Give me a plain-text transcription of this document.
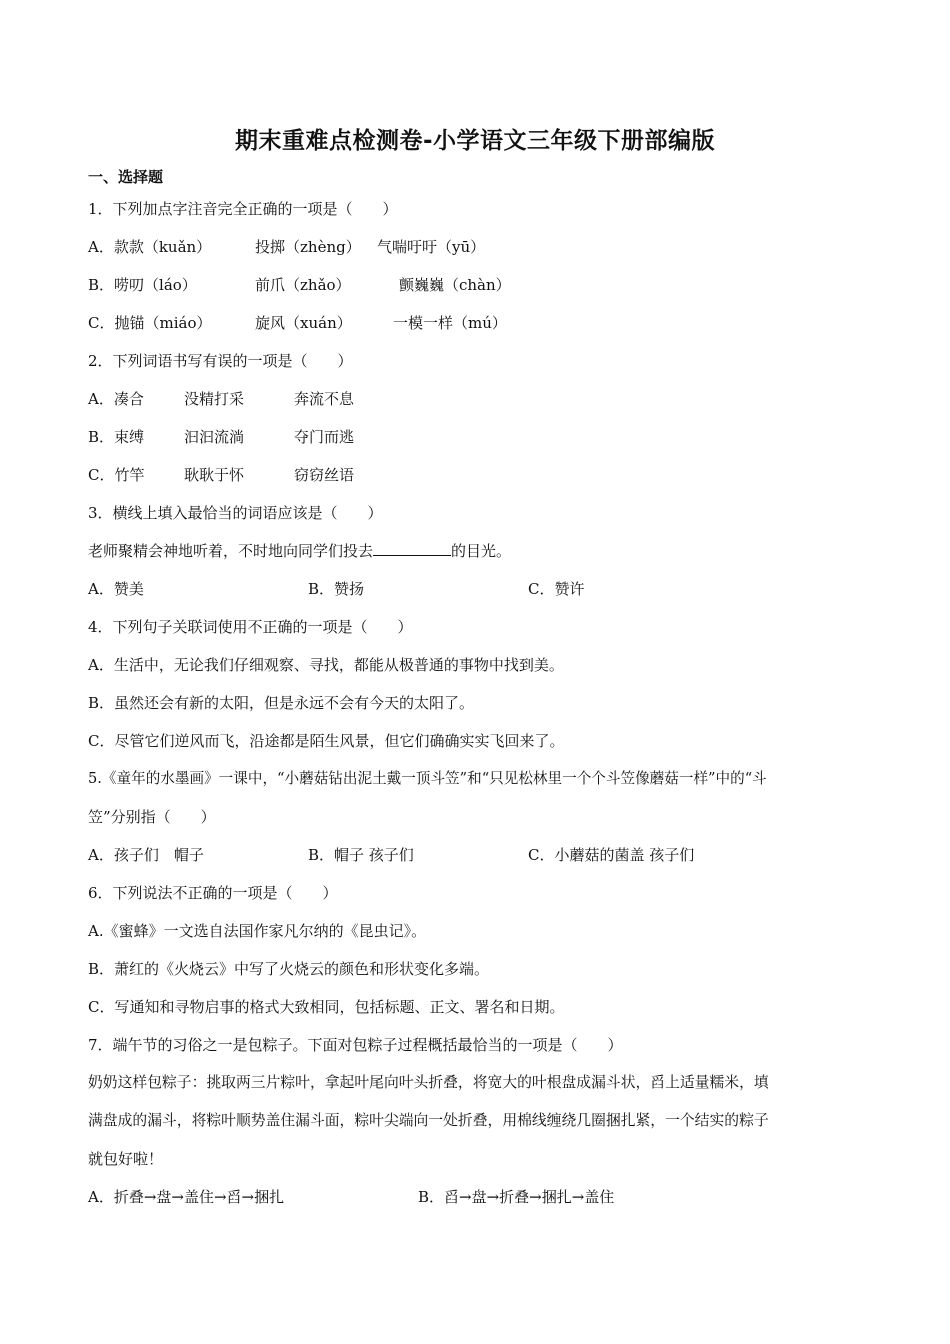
期末重难点检测卷-小学语文三年级下册部编版
一、选择题
1．下列加点字注音完全正确的一项是（　　）
A．款款（kuǎn）	投掷（zhèng） 气喘吁吁（yū）
B．唠叨（láo）	前爪（zhǎo）	颤巍巍（chàn）
C．抛锚（miáo）	旋风（xuán）	一模一样（mú）
2．下列词语书写有误的一项是（　　）
A．凑合	没精打采	奔流不息
B．束缚	汩汩流淌	夺门而逃
C．竹竿	耿耿于怀	窃窃丝语
3．横线上填入最恰当的词语应该是（　　）
老师聚精会神地听着，不时地向同学们投去	的目光。
A．赞美	B．赞扬	C．赞许
4．下列句子关联词使用不正确的一项是（　　）
A．生活中，无论我们仔细观察、寻找，都能从极普通的事物中找到美。
B．虽然还会有新的太阳，但是永远不会有今天的太阳了。
C．尽管它们逆风而飞，沿途都是陌生风景，但它们确确实实飞回来了。
5.《童年的水墨画》一课中，“小蘑菇钻出泥土戴一顶斗笠”和“只见松林里一个个斗笠像蘑菇一样”中的“斗
笠”分别指（　　）
A．孩子们　帽子	B．帽子 孩子们	C．小蘑菇的菌盖 孩子们
6．下列说法不正确的一项是（　　）
A.《蜜蜂》一文选自法国作家凡尔纳的《昆虫记》。
B．萧红的《火烧云》中写了火烧云的颜色和形状变化多端。
C．写通知和寻物启事的格式大致相同，包括标题、正文、署名和日期。
7．端午节的习俗之一是包粽子。下面对包粽子过程概括最恰当的一项是（　　）
奶奶这样包粽子：挑取两三片粽叶，拿起叶尾向叶头折叠，将宽大的叶根盘成漏斗状，舀上适量糯米，填
满盘成的漏斗，将粽叶顺势盖住漏斗面，粽叶尖端向一处折叠，用棉线缠绕几圈捆扎紧，一个结实的粽子
就包好啦！
A．折叠→盘→盖住→舀→捆扎	B．舀→盘→折叠→捆扎→盖住
